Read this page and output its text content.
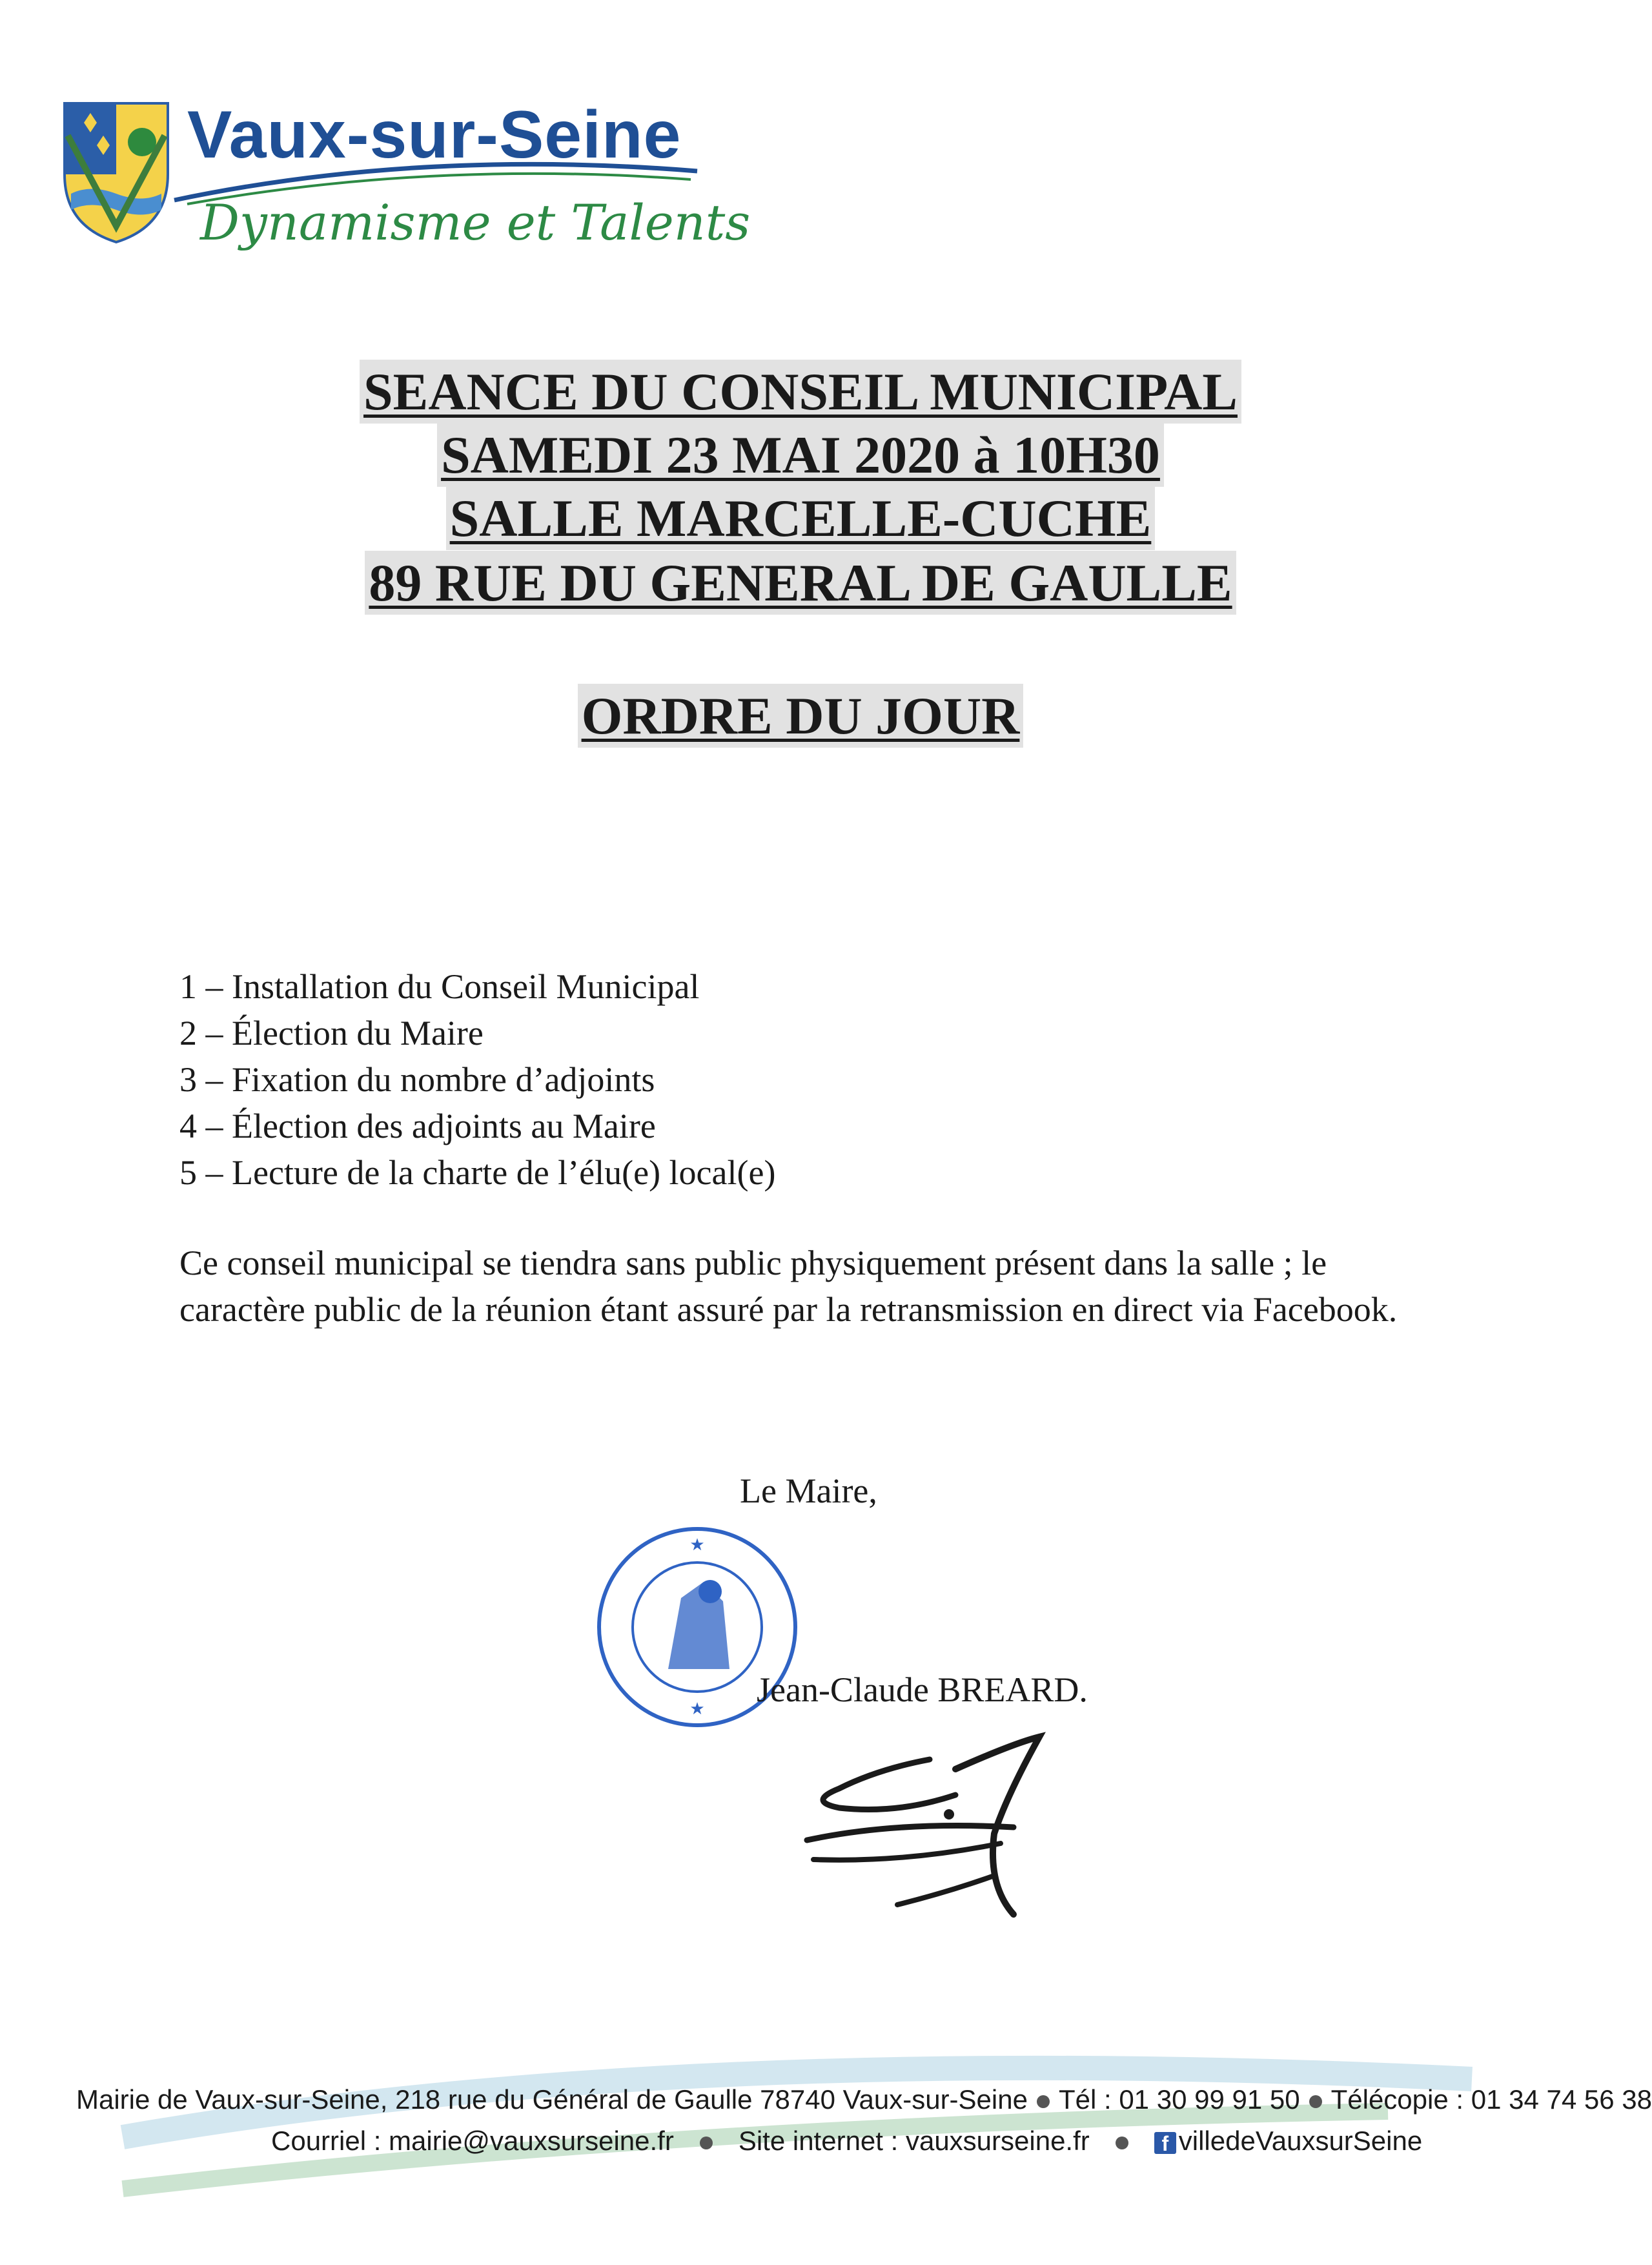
Vaux-sur-Seine
Dynamisme et Talents
SEANCE DU CONSEIL MUNICIPAL
SAMEDI 23 MAI 2020 à 10H30
SALLE MARCELLE-CUCHE
89 RUE DU GENERAL DE GAULLE
ORDRE DU JOUR
1 – Installation du Conseil Municipal
2 – Élection du Maire
3 – Fixation du nombre d’adjoints
4 – Élection des adjoints au Maire
5 – Lecture de la charte de l’élu(e) local(e)
Ce conseil municipal se tiendra sans public physiquement présent dans la salle ; le caractère public de la réunion étant assuré par la retransmission en direct via Facebook.
Le Maire,
★
★ Jean-Claude BREARD.
Mairie de Vaux-sur-Seine, 218 rue du Général de Gaulle 78740 Vaux-sur-Seine Tél : 01 30 99 91 50 Télécopie : 01 34 74 56 38
Courriel : mairie@vauxsurseine.fr Site internet : vauxsurseine.fr	f villedeVauxsurSeine
